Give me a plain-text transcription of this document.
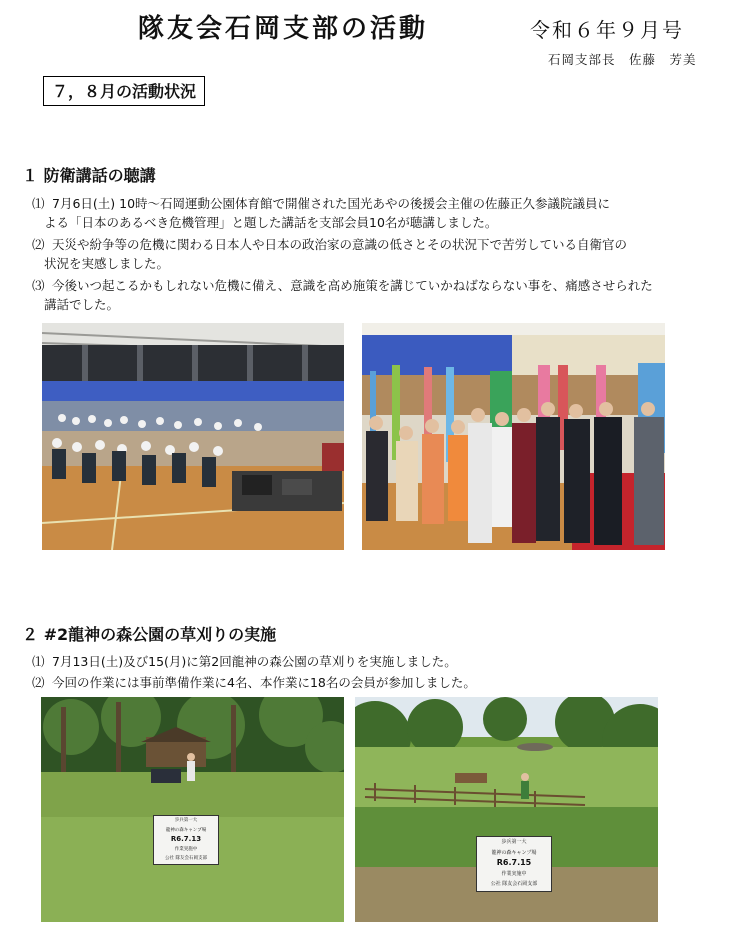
隊友会石岡支部の活動	令和６年９月号
石岡支部長　佐藤　芳美
７，８月の活動状況
１ 防衛講話の聴講
⑴ 7月6日(土) 10時～石岡運動公園体育館で開催された国光あやの後援会主催の佐藤正久参議院議員に
よる「日本のあるべき危機管理」と題した講話を支部会員10名が聴講しました。
⑵ 天災や紛争等の危機に関わる日本人や日本の政治家の意識の低さとその状況下で苦労している自衛官の
状況を実感しました。
⑶ 今後いつ起こるかもしれない危機に備え、意識を高め施策を講じていかねばならない事を、痛感させられた
講話でした。
２ #2龍神の森公園の草刈りの実施
⑴ 7月13日(土)及び15(月)に第2回龍神の森公園の草刈りを実施しました。
⑵ 今回の作業には事前準備作業に4名、本作業に18名の会員が参加しました。
歩兵第一大
龍神の森キャンプ場
R6.7.13
作業実施中
公社 隊友会石岡支部
歩兵第一大
龍神の森キャンプ場
R6.7.15
作業実施中
公社 隊友会石岡支部
